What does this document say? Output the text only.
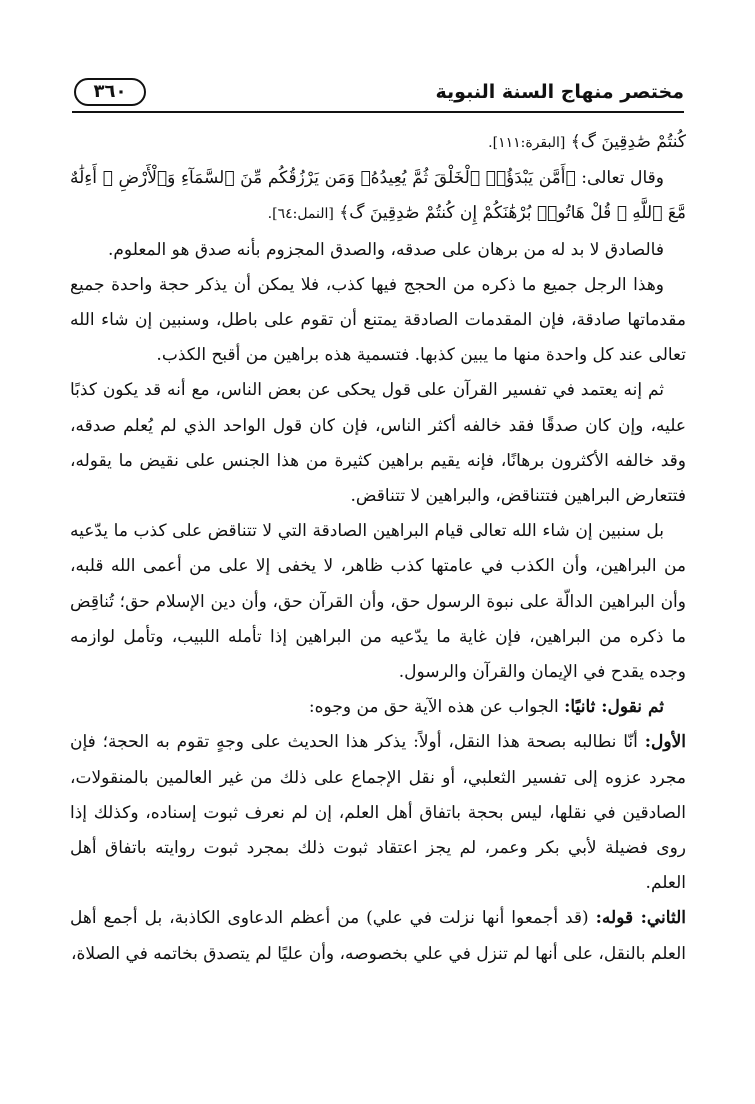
مختصر منهاج السنة النبوية
٣٦٠

كُنتُمْ صَٰدِقِينَ ﮒ﴾ [البقرة:١١١].

وقال تعالى: ﴿أَمَّن يَبْدَؤُا۟ ٱلْخَلْقَ ثُمَّ يُعِيدُهُۥ وَمَن يَرْزُقُكُم مِّنَ ٱلسَّمَآءِ وَٱلْأَرْضِ ۗ أَءِلَٰهٌ مَّعَ ٱللَّهِ ۚ قُلْ هَاتُوا۟ بُرْهَٰنَكُمْ إِن كُنتُمْ صَٰدِقِينَ ﮒ﴾ [النمل:٦٤].

فالصادق لا بد له من برهان على صدقه، والصدق المجزوم بأنه صدق هو المعلوم.

وهذا الرجل جميع ما ذكره من الحجج فيها كذب، فلا يمكن أن يذكر حجة واحدة جميع مقدماتها صادقة، فإن المقدمات الصادقة يمتنع أن تقوم على باطل، وسنبين إن شاء الله تعالى عند كل واحدة منها ما يبين كذبها. فتسمية هذه براهين من أقبح الكذب.

ثم إنه يعتمد في تفسير القرآن على قول يحكى عن بعض الناس، مع أنه قد يكون كذبًا عليه، وإن كان صدقًا فقد خالفه أكثر الناس، فإن كان قول الواحد الذي لم يُعلم صدقه، وقد خالفه الأكثرون برهانًا، فإنه يقيم براهين كثيرة من هذا الجنس على نقيض ما يقوله، فتتعارض البراهين فتتناقض، والبراهين لا تتناقض.

بل سنبين إن شاء الله تعالى قيام البراهين الصادقة التي لا تتناقض على كذب ما يدّعيه من البراهين، وأن الكذب في عامتها كذب ظاهر، لا يخفى إلا على من أعمى الله قلبه، وأن البراهين الدالّة على نبوة الرسول حق، وأن القرآن حق، وأن دين الإسلام حق؛ تُناقِض ما ذكره من البراهين، فإن غاية ما يدّعيه من البراهين إذا تأمله اللبيب، وتأمل لوازمه وجده يقدح في الإيمان والقرآن والرسول.

ثم نقول: ثانيًا: الجواب عن هذه الآية حق من وجوه:

الأول: أنّا نطالبه بصحة هذا النقل، أولاً: يذكر هذا الحديث على وجهٍ تقوم به الحجة؛ فإن مجرد عزوه إلى تفسير الثعلبي، أو نقل الإجماع على ذلك من غير العالمين بالمنقولات، الصادقين في نقلها، ليس بحجة باتفاق أهل العلم، إن لم نعرف ثبوت إسناده، وكذلك إذا روى فضيلة لأبي بكر وعمر، لم يجز اعتقاد ثبوت ذلك بمجرد ثبوت روايته باتفاق أهل العلم.

الثاني: قوله: (قد أجمعوا أنها نزلت في علي) من أعظم الدعاوى الكاذبة، بل أجمع أهل العلم بالنقل، على أنها لم تنزل في علي بخصوصه، وأن عليًا لم يتصدق بخاتمه في الصلاة،
